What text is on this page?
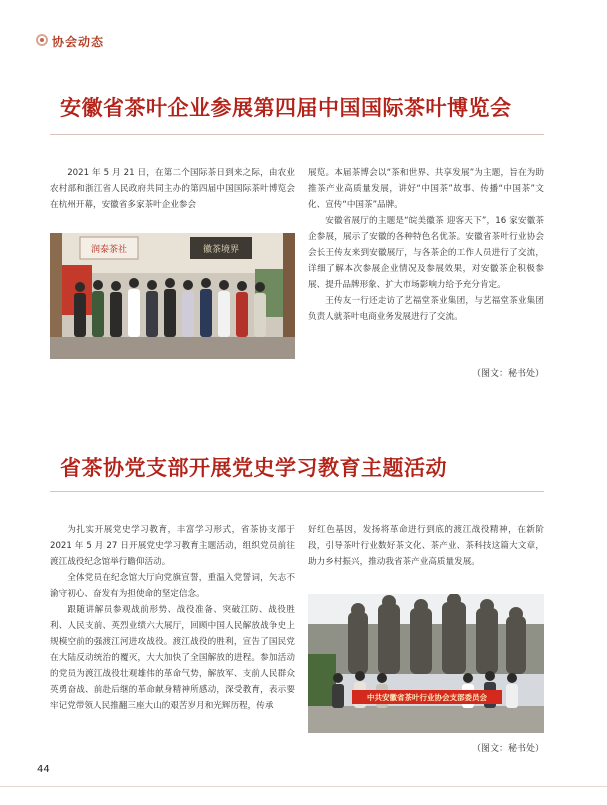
协会动态
安徽省茶叶企业参展第四届中国国际茶叶博览会

2021 年 5 月 21 日，在第二个国际茶日到来之际，由农业农村部和浙江省人民政府共同主办的第四届中国国际茶叶博览会在杭州开幕，安徽省多家茶叶企业参会

润泰茶社	徽茶境界

展览。本届茶博会以“茶和世界、共享发展”为主题，旨在为助推茶产业高质量发展，讲好“中国茶”故事、传播“中国茶”文化、宣传“中国茶”品牌。

安徽省展厅的主题是“皖美徽茶 迎客天下”，16 家安徽茶企参展，展示了安徽的各种特色名优茶。安徽省茶叶行业协会会长王传友来到安徽展厅，与各茶企的工作人员进行了交流，详细了解本次参展企业情况及参展效果，对安徽茶企积极参展、提升品牌形象、扩大市场影响力给予充分肯定。

王传友一行还走访了艺福堂茶业集团，与艺福堂茶业集团负责人就茶叶电商业务发展进行了交流。

（图文：秘书处）
省茶协党支部开展党史学习教育主题活动

为扎实开展党史学习教育，丰富学习形式，省茶协支部于 2021 年 5 月 27 日开展党史学习教育主题活动，组织党员前往渡江战役纪念馆举行瞻仰活动。

全体党员在纪念馆大厅向党旗宣誓，重温入党誓词，矢志不渝守初心、奋发有为担使命的坚定信念。

跟随讲解员参观战前形势、战役准备、突破江防、战役胜利、人民支前、英烈业绩六大展厅，回顾中国人民解放战争史上规模空前的强渡江河进攻战役。渡江战役的胜利，宣告了国民党在大陆反动统治的覆灭，大大加快了全国解放的进程。参加活动的党员为渡江战役壮观雄伟的革命气势，解放军、支前人民群众英勇奋战、前赴后继的革命献身精神所感动，深受教育，表示要牢记党带领人民推翻三座大山的艰苦岁月和光辉历程，传承

好红色基因，发扬将革命进行到底的渡江战役精神，在新阶段，引导茶叶行业数好茶文化、茶产业、茶科技这篇大文章，助力乡村振兴，推动我省茶产业高质量发展。

中共安徽省茶叶行业协会支部委员会
（图文：秘书处）
44
